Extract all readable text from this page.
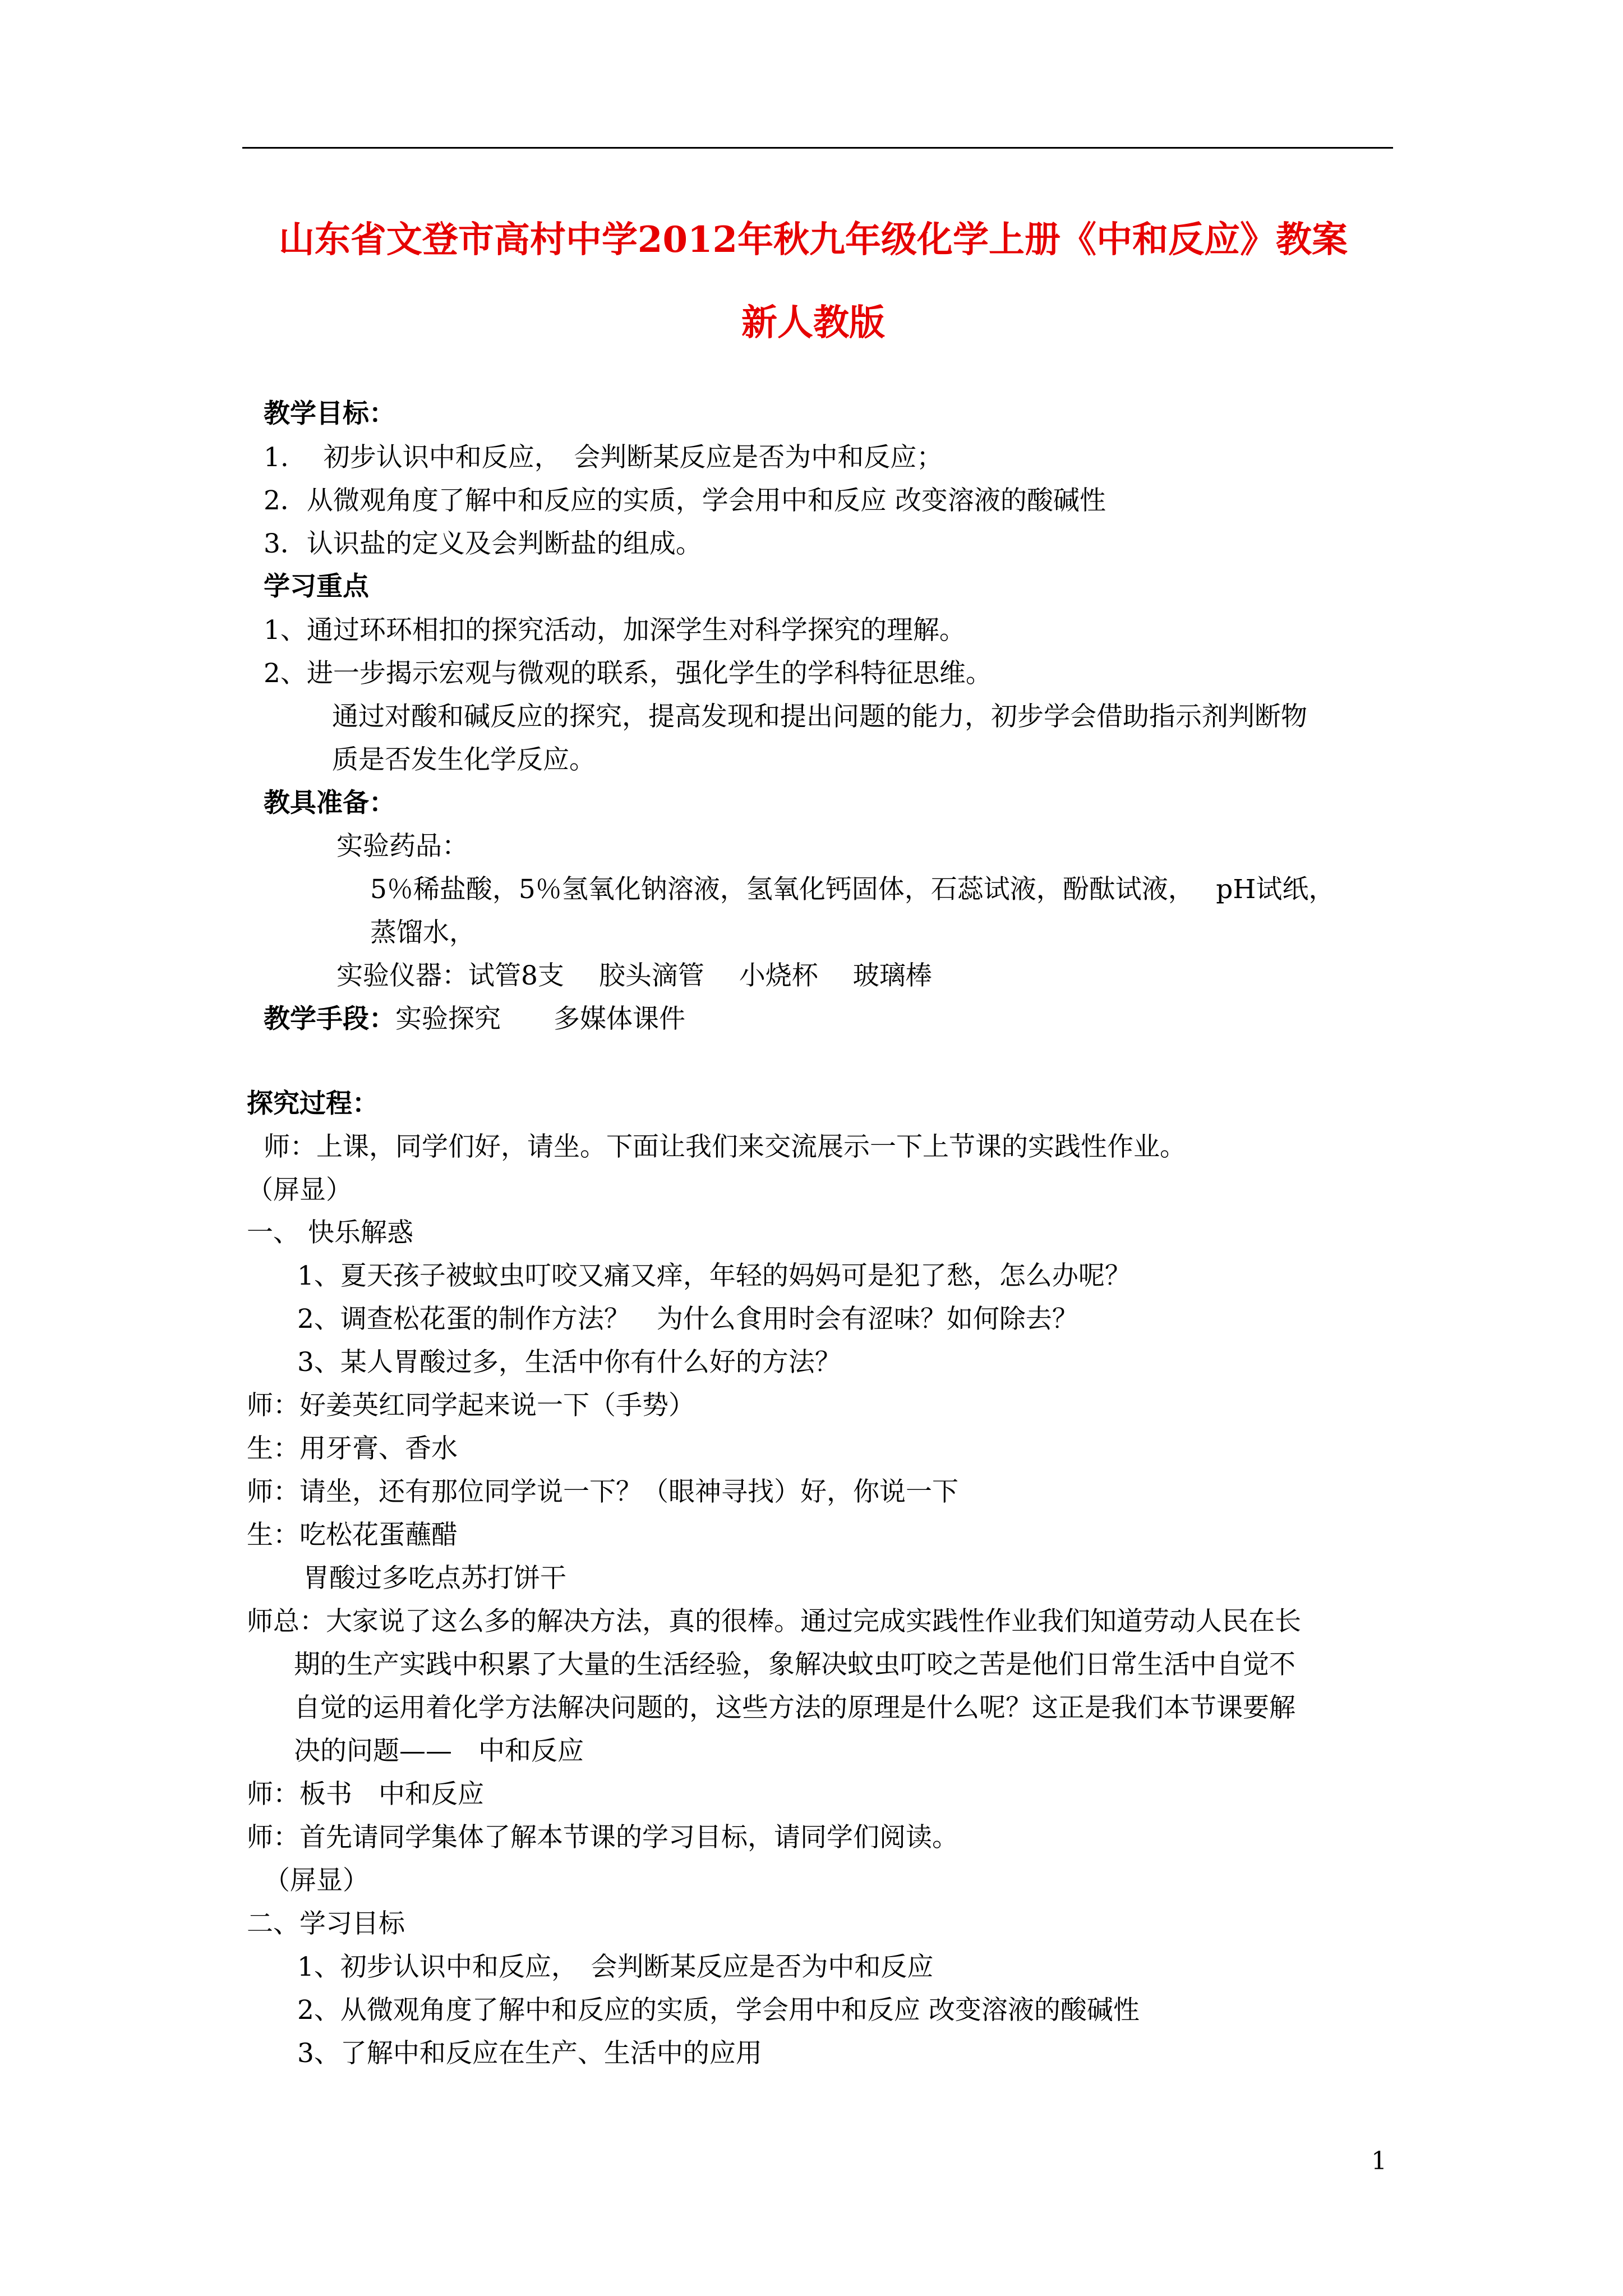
山东省文登市高村中学2012年秋九年级化学上册《中和反应》教案
新人教版
教学目标：
1.　 初步认识中和反应，　会判断某反应是否为中和反应；
2．从微观角度了解中和反应的实质，学会用中和反应 改变溶液的酸碱性
3．认识盐的定义及会判断盐的组成。
学习重点
1、通过环环相扣的探究活动，加深学生对科学探究的理解。
2、进一步揭示宏观与微观的联系，强化学生的学科特征思维。
通过对酸和碱反应的探究，提高发现和提出问题的能力，初步学会借助指示剂判断物
质是否发生化学反应。
教具准备：
实验药品：
5％稀盐酸，5％氢氧化钠溶液，氢氧化钙固体，石蕊试液，酚酞试液，　 pH试纸，
蒸馏水，
实验仪器：试管8支　 胶头滴管　 小烧杯　 玻璃棒
教学手段：实验探究　　多媒体课件
探究过程：
师：上课，同学们好，请坐。下面让我们来交流展示一下上节课的实践性作业。
（屏显）
一、 快乐解惑
1、夏天孩子被蚊虫叮咬又痛又痒，年轻的妈妈可是犯了愁，怎么办呢？
2、调查松花蛋的制作方法？　为什么食用时会有涩味？如何除去？
3、某人胃酸过多，生活中你有什么好的方法？
师：好姜英红同学起来说一下（手势）
生：用牙膏、香水
师：请坐，还有那位同学说一下？（眼神寻找）好，你说一下
生：吃松花蛋蘸醋
胃酸过多吃点苏打饼干
师总：大家说了这么多的解决方法，真的很棒。通过完成实践性作业我们知道劳动人民在长
期的生产实践中积累了大量的生活经验，象解决蚊虫叮咬之苦是他们日常生活中自觉不
自觉的运用着化学方法解决问题的，这些方法的原理是什么呢？这正是我们本节课要解
决的问题——　中和反应
师：板书　中和反应
师：首先请同学集体了解本节课的学习目标，请同学们阅读。
（屏显）
二、学习目标
1、初步认识中和反应，　会判断某反应是否为中和反应
2、从微观角度了解中和反应的实质，学会用中和反应 改变溶液的酸碱性
3、了解中和反应在生产、生活中的应用
1
